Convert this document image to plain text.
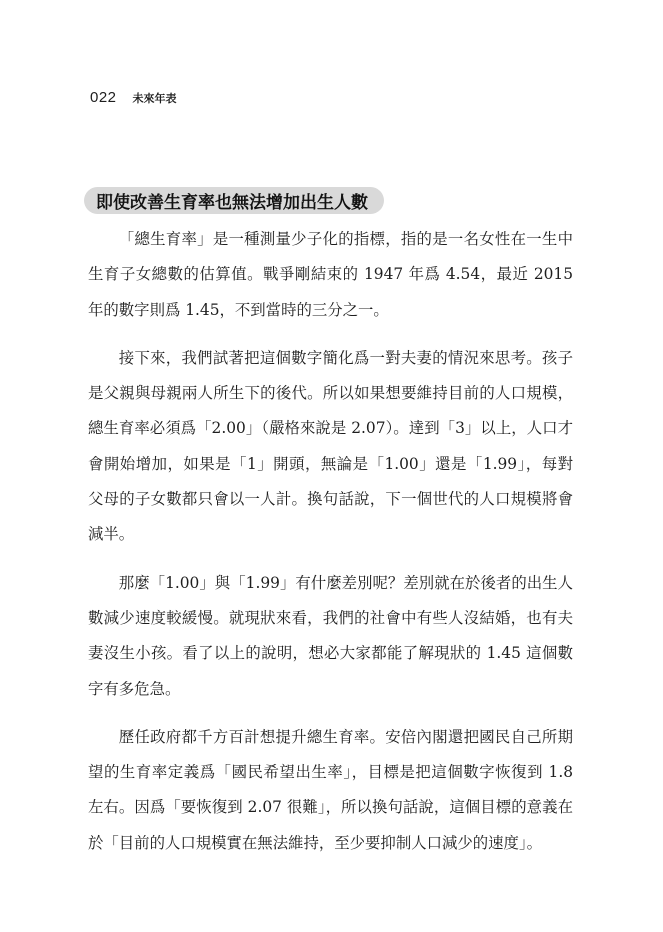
022 未來年表
即使改善生育率也無法增加出生人數

「總生育率」是一種測量少子化的指標，指的是一名女性在一生中生育子女總數的估算值。戰爭剛結束的 1947 年爲 4.54，最近 2015 年的數字則爲 1.45，不到當時的三分之一。

接下來，我們試著把這個數字簡化爲一對夫妻的情況來思考。孩子是父親與母親兩人所生下的後代。所以如果想要維持目前的人口規模，總生育率必須爲「2.00」（嚴格來說是 2.07）。達到「3」以上，人口才會開始增加，如果是「1」開頭，無論是「1.00」還是「1.99」，每對父母的子女數都只會以一人計。換句話說，下一個世代的人口規模將會減半。

那麼「1.00」與「1.99」有什麼差別呢？差別就在於後者的出生人數減少速度較緩慢。就現狀來看，我們的社會中有些人沒結婚，也有夫妻沒生小孩。看了以上的說明，想必大家都能了解現狀的 1.45 這個數字有多危急。

歷任政府都千方百計想提升總生育率。安倍內閣還把國民自己所期望的生育率定義爲「國民希望出生率」，目標是把這個數字恢復到 1.8 左右。因爲「要恢復到 2.07 很難」，所以換句話說，這個目標的意義在於「目前的人口規模實在無法維持，至少要抑制人口減少的速度」。
